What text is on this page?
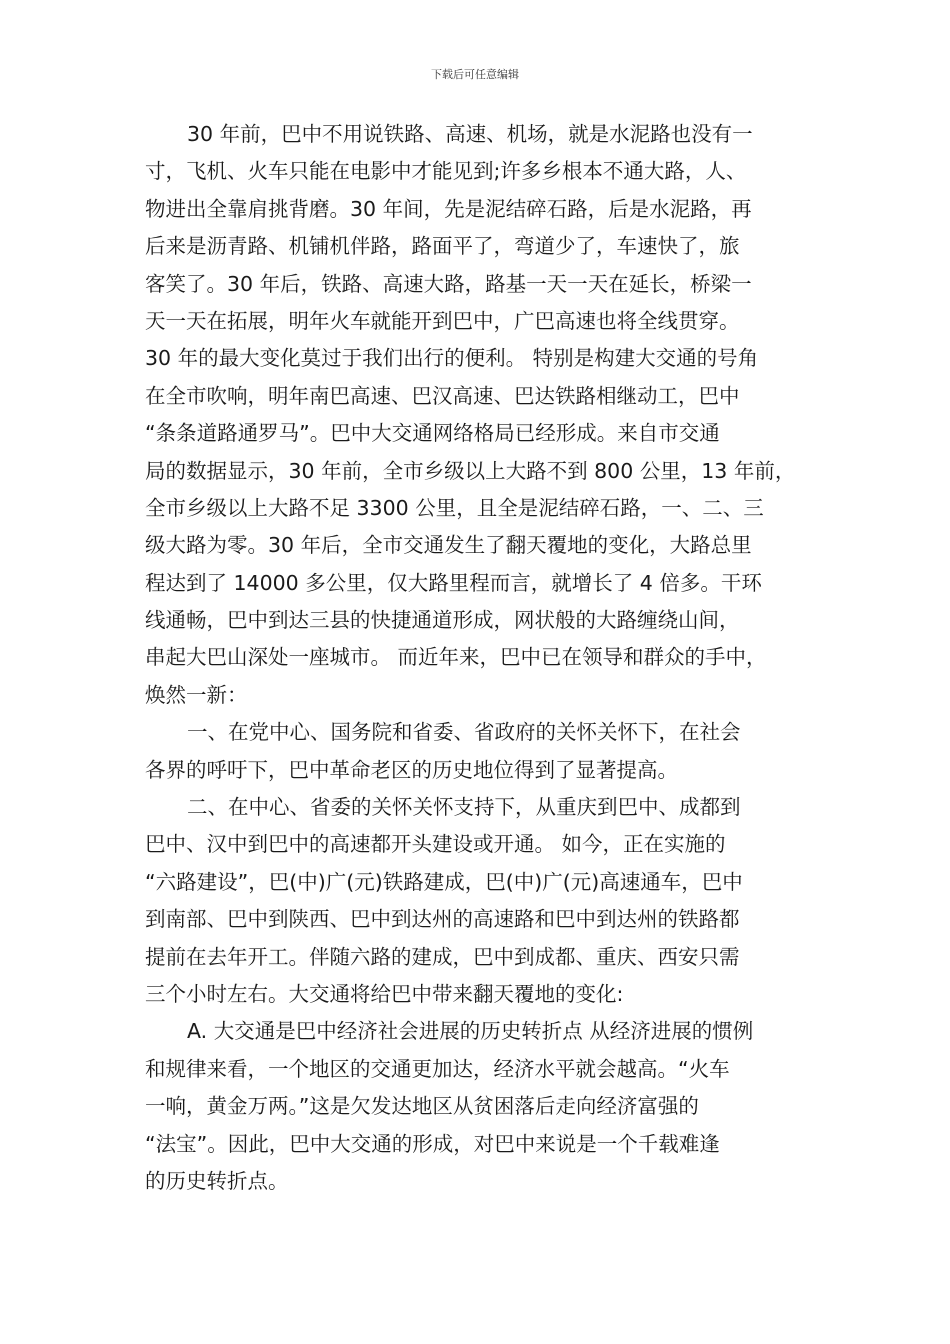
下载后可任意编辑
30 年前，巴中不用说铁路、高速、机场，就是水泥路也没有一
寸，飞机、火车只能在电影中才能见到;许多乡根本不通大路，人、
物进出全靠肩挑背磨。30 年间，先是泥结碎石路，后是水泥路，再
后来是沥青路、机铺机伴路，路面平了，弯道少了，车速快了，旅
客笑了。30 年后，铁路、高速大路，路基一天一天在延长，桥梁一
天一天在拓展，明年火车就能开到巴中，广巴高速也将全线贯穿。
30 年的最大变化莫过于我们出行的便利。 特别是构建大交通的号角
在全市吹响，明年南巴高速、巴汉高速、巴达铁路相继动工，巴中
“条条道路通罗马”。巴中大交通网络格局已经形成。来自市交通
局的数据显示，30 年前，全市乡级以上大路不到 800 公里，13 年前，
全市乡级以上大路不足 3300 公里，且全是泥结碎石路，一、二、三
级大路为零。30 年后，全市交通发生了翻天覆地的变化，大路总里
程达到了 14000 多公里，仅大路里程而言，就增长了 4 倍多。干环
线通畅，巴中到达三县的快捷通道形成，网状般的大路缠绕山间，
串起大巴山深处一座城市。 而近年来，巴中已在领导和群众的手中，
焕然一新：
一、在党中心、国务院和省委、省政府的关怀关怀下，在社会
各界的呼吁下，巴中革命老区的历史地位得到了显著提高。
二、在中心、省委的关怀关怀支持下，从重庆到巴中、成都到
巴中、汉中到巴中的高速都开头建设或开通。 如今，正在实施的
“六路建设”，巴(中)广(元)铁路建成，巴(中)广(元)高速通车，巴中
到南部、巴中到陕西、巴中到达州的高速路和巴中到达州的铁路都
提前在去年开工。伴随六路的建成，巴中到成都、重庆、西安只需
三个小时左右。大交通将给巴中带来翻天覆地的变化:
A. 大交通是巴中经济社会进展的历史转折点 从经济进展的惯例
和规律来看，一个地区的交通更加达，经济水平就会越高。“火车
一响，黄金万两。”这是欠发达地区从贫困落后走向经济富强的
“法宝”。因此，巴中大交通的形成，对巴中来说是一个千载难逢
的历史转折点。
